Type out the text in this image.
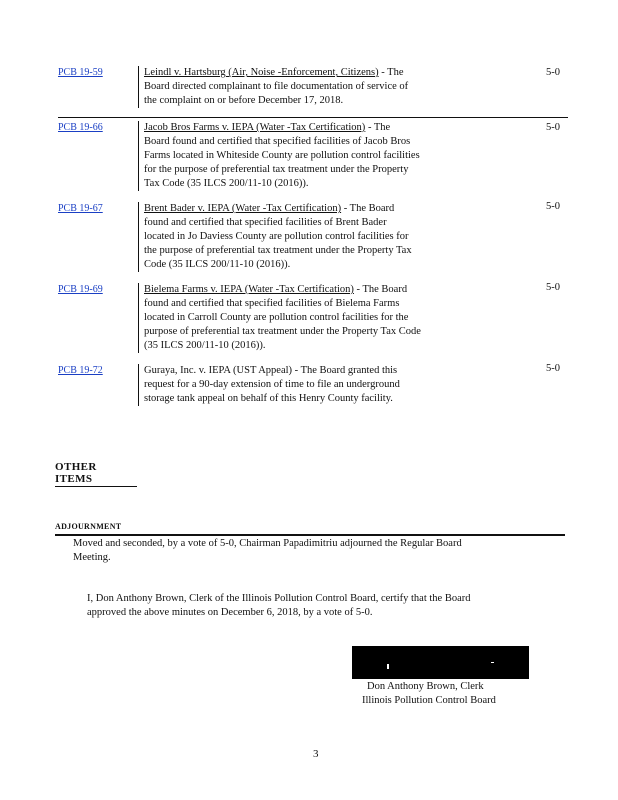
PCB 19-59	Leindl v. Hartsburg (Air, Noise -Enforcement, Citizens) - The
Board directed complainant to file documentation of service of
the complaint on or before December 17, 2018.
5-0
PCB 19-66	Jacob Bros Farms v. IEPA (Water -Tax Certification) - The
Board found and certified that specified facilities of Jacob Bros
Farms located in Whiteside County are pollution control facilities
for the purpose of preferential tax treatment under the Property
Tax Code (35 ILCS 200/11-10 (2016)).
5-0
PCB 19-67	Brent Bader v. IEPA (Water -Tax Certification) - The Board
found and certified that specified facilities of Brent Bader
located in Jo Daviess County are pollution control facilities for
the purpose of preferential tax treatment under the Property Tax
Code (35 ILCS 200/11-10 (2016)).
5-0
PCB 19-69	Bielema Farms v. IEPA (Water -Tax Certification) - The Board
found and certified that specified facilities of Bielema Farms
located in Carroll County are pollution control facilities for the
purpose of preferential tax treatment under the Property Tax Code
(35 ILCS 200/11-10 (2016)).
5-0
PCB 19-72	Guraya, Inc. v. IEPA (UST Appeal) - The Board granted this
request for a 90-day extension of time to file an underground
storage tank appeal on behalf of this Henry County facility.
5-0
OTHER ITEMS
ADJOURNMENT
Moved and seconded, by a vote of 5-0, Chairman Papadimitriu adjourned the Regular Board
Meeting.
I, Don Anthony Brown, Clerk of the Illinois Pollution Control Board, certify that the Board
approved the above minutes on December 6, 2018, by a vote of 5-0.
Don Anthony Brown, Clerk
Illinois Pollution Control Board
3
